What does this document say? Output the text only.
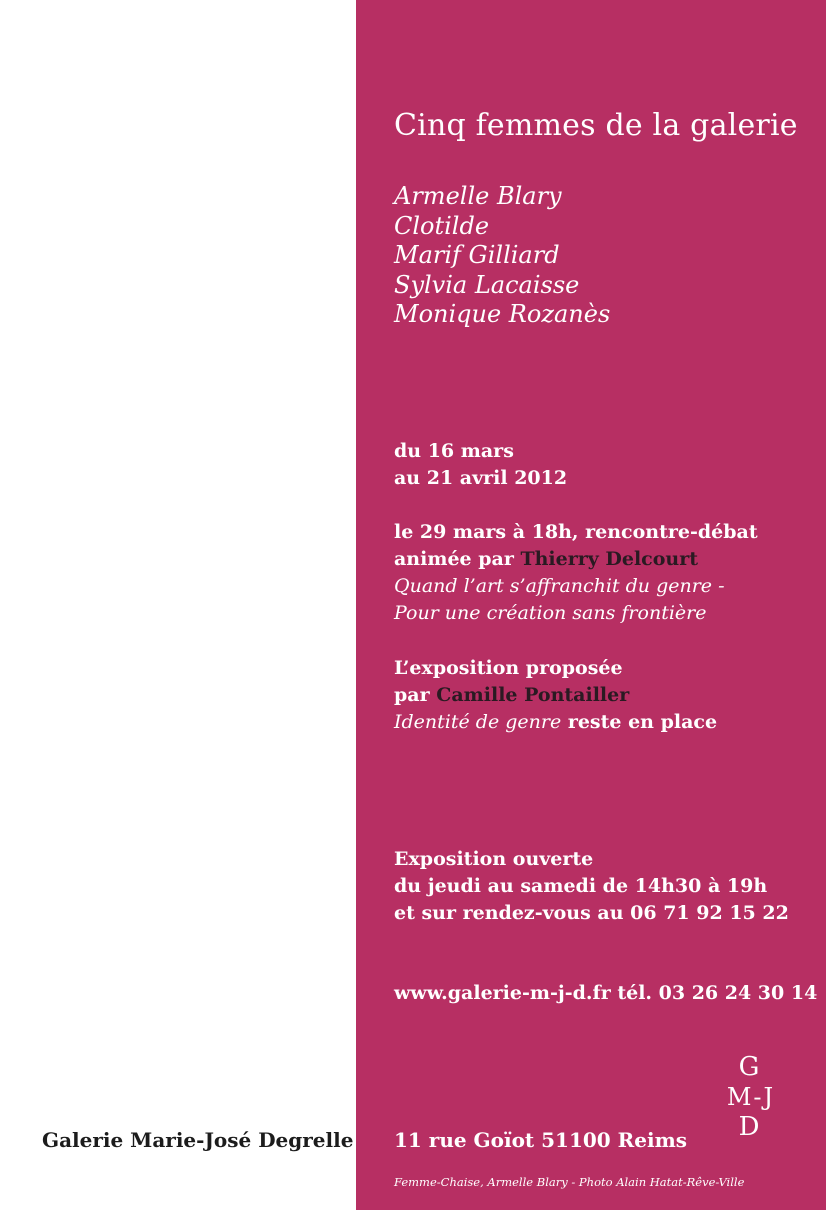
Galerie Marie-José Degrelle
Cinq femmes de la galerie
Armelle Blary
Clotilde
Marif Gilliard
Sylvia Lacaisse
Monique Rozanès
du 16 mars
au 21 avril 2012
le 29 mars à 18h, rencontre-débat
animée par Thierry Delcourt
Quand l’art s’affranchit du genre -
Pour une création sans frontière
L’exposition proposée
par Camille Pontailler
Identité de genre reste en place
Exposition ouverte
du jeudi au samedi de 14h30 à 19h
et sur rendez-vous au 06 71 92 15 22
www.galerie-m-j-d.fr tél. 03 26 24 30 14
G
M-J
D
11 rue Goïot 51100 Reims
Femme-Chaise, Armelle Blary - Photo Alain Hatat-Rêve-Ville
